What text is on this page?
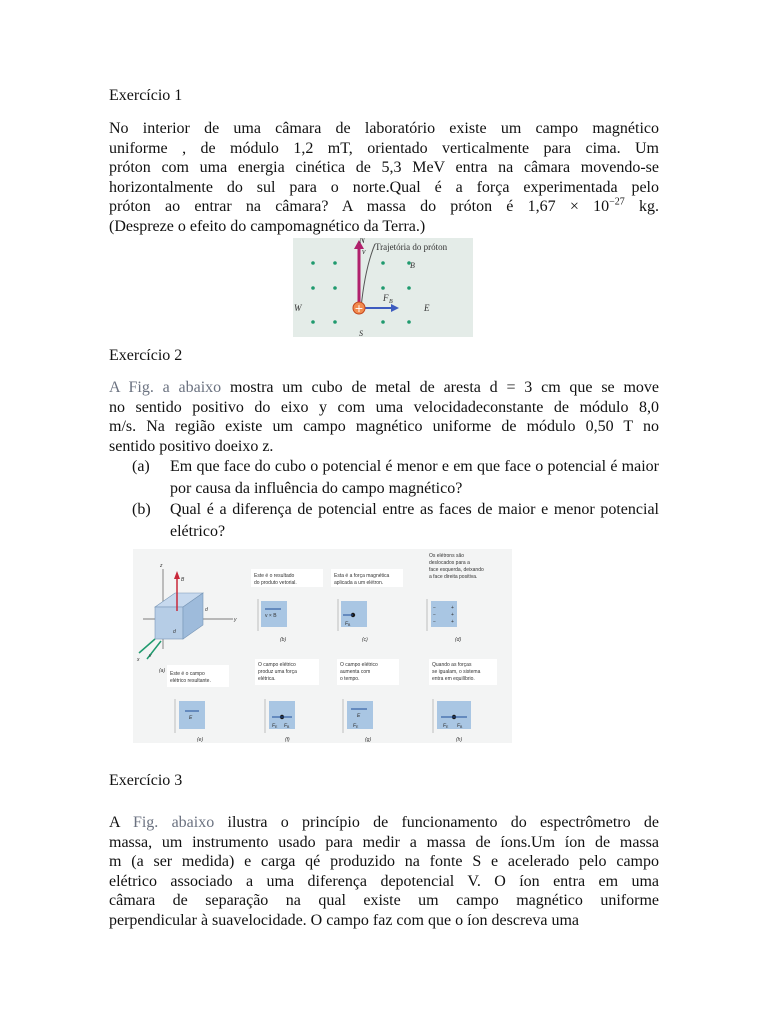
Exercício 1
No interior de uma câmara de laboratório existe um campo magnético
uniforme , de módulo 1,2 mT, orientado verticalmente para cima. Um
próton com uma energia cinética de 5,3 MeV entra na câmara movendo-se
horizontalmente do sul para o norte.Qual é a força experimentada pelo
próton ao entrar na câmara? A massa do próton é $1,67 \times 10^{-27}$ kg.
(Despreze o efeito do campomagnético da Terra.)
+
N
S
W	E
v
B
F B
Trajetória do próton
Exercício 2
A Fig. a abaixo mostra um cubo de metal de aresta d = 3 cm que se move
no sentido positivo do eixo y com uma velocidadeconstante de módulo 8,0
m/s. Na região existe um campo magnético uniforme de módulo 0,50 T no
sentido positivo doeixo z.
(a) Em que face do cubo o potencial é menor e em que face o potencial é maior por causa da influência do campo magnético?
(b) Qual é a diferença de potencial entre as faces de maior e menor potencial elétrico?
y
z
x
B
v
d
d
(a)
Este é o resultado
do produto vetorial.
v × B
(b)
Esta é a força magnética
aplicada a um elétron.
F B
(c)
Os elétrons são
deslocados para a
face esquerda, deixando
a face direita positiva.
−
−
−
+
+
+
(d)
Este é o campo
elétrico resultante.
E
(e)
O campo elétrico
produz uma força
elétrica.
F E F B
(f)
O campo elétrico
aumenta com
o tempo.
E
F E
(g)
Quando as forças
se igualam, o sistema
entra em equilíbrio.
F E F B
(h)
Exercício 3
A Fig. abaixo ilustra o princípio de funcionamento do espectrômetro de
massa, um instrumento usado para medir a massa de íons.Um íon de massa
m (a ser medida) e carga qé produzido na fonte S e acelerado pelo campo
elétrico associado a uma diferença depotencial V. O íon entra em uma
câmara de separação na qual existe um campo magnético uniforme
perpendicular à suavelocidade. O campo faz com que o íon descreva uma
